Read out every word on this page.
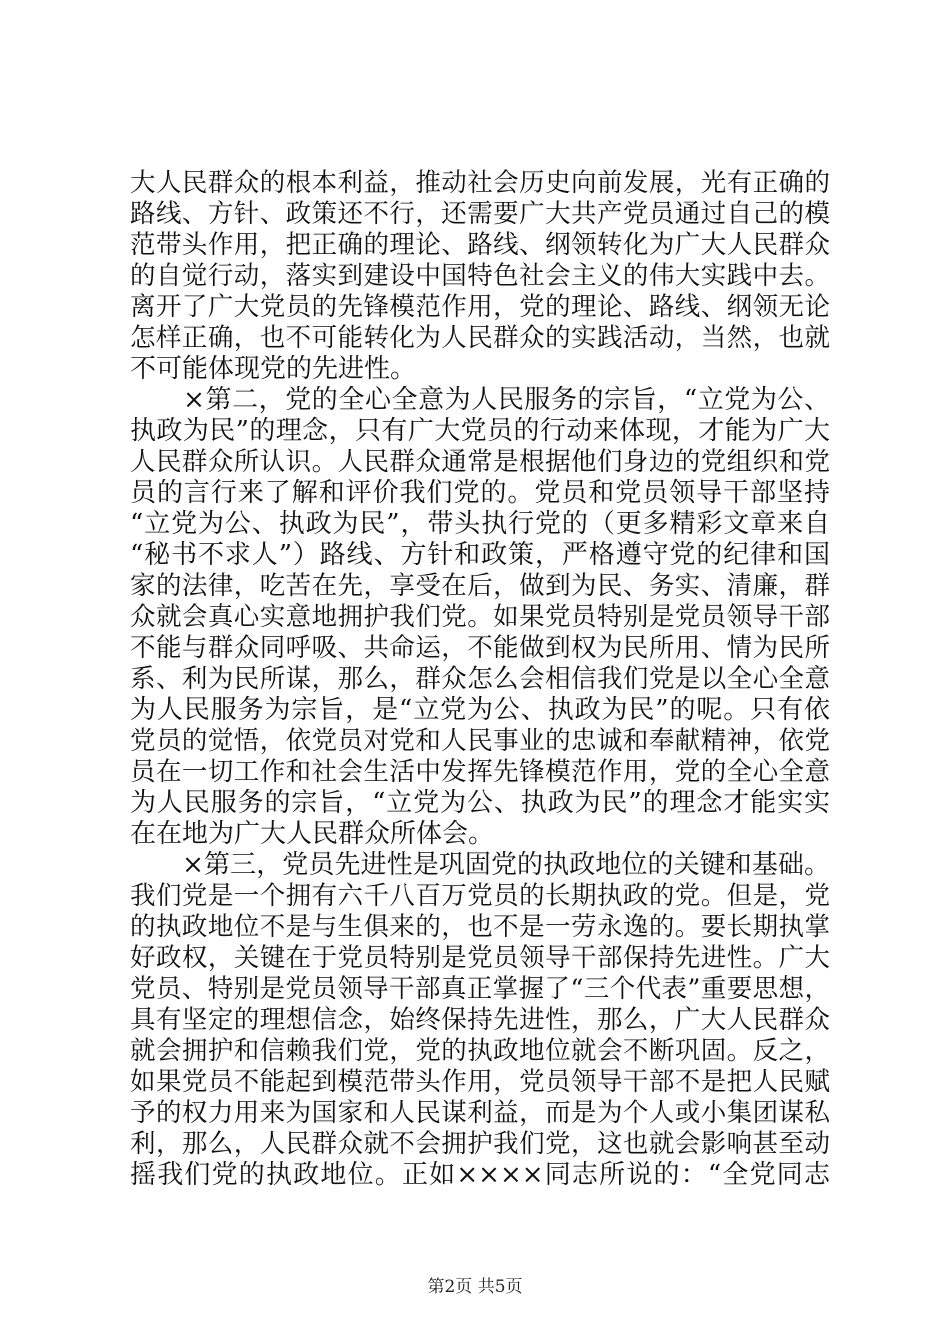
大人民群众的根本利益，推动社会历史向前发展，光有正确的
路线、方针、政策还不行，还需要广大共产党员通过自己的模
范带头作用，把正确的理论、路线、纲领转化为广大人民群众
的自觉行动，落实到建设中国特色社会主义的伟大实践中去。
离开了广大党员的先锋模范作用，党的理论、路线、纲领无论
怎样正确，也不可能转化为人民群众的实践活动，当然，也就
不可能体现党的先进性。
　　×第二，党的全心全意为人民服务的宗旨，“立党为公、
执政为民”的理念，只有广大党员的行动来体现，才能为广大
人民群众所认识。人民群众通常是根据他们身边的党组织和党
员的言行来了解和评价我们党的。党员和党员领导干部坚持
“立党为公、执政为民”，带头执行党的（更多精彩文章来自
“秘书不求人”）路线、方针和政策，严格遵守党的纪律和国
家的法律，吃苦在先，享受在后，做到为民、务实、清廉，群
众就会真心实意地拥护我们党。如果党员特别是党员领导干部
不能与群众同呼吸、共命运，不能做到权为民所用、情为民所
系、利为民所谋，那么，群众怎么会相信我们党是以全心全意
为人民服务为宗旨，是“立党为公、执政为民”的呢。只有依
党员的觉悟，依党员对党和人民事业的忠诚和奉献精神，依党
员在一切工作和社会生活中发挥先锋模范作用，党的全心全意
为人民服务的宗旨，“立党为公、执政为民”的理念才能实实
在在地为广大人民群众所体会。
　　×第三，党员先进性是巩固党的执政地位的关键和基础。
我们党是一个拥有六千八百万党员的长期执政的党。但是，党
的执政地位不是与生俱来的，也不是一劳永逸的。要长期执掌
好政权，关键在于党员特别是党员领导干部保持先进性。广大
党员、特别是党员领导干部真正掌握了“三个代表”重要思想，
具有坚定的理想信念，始终保持先进性，那么，广大人民群众
就会拥护和信赖我们党，党的执政地位就会不断巩固。反之，
如果党员不能起到模范带头作用，党员领导干部不是把人民赋
予的权力用来为国家和人民谋利益，而是为个人或小集团谋私
利，那么，人民群众就不会拥护我们党，这也就会影响甚至动
摇我们党的执政地位。正如××××同志所说的：“全党同志
第2页 共5页
